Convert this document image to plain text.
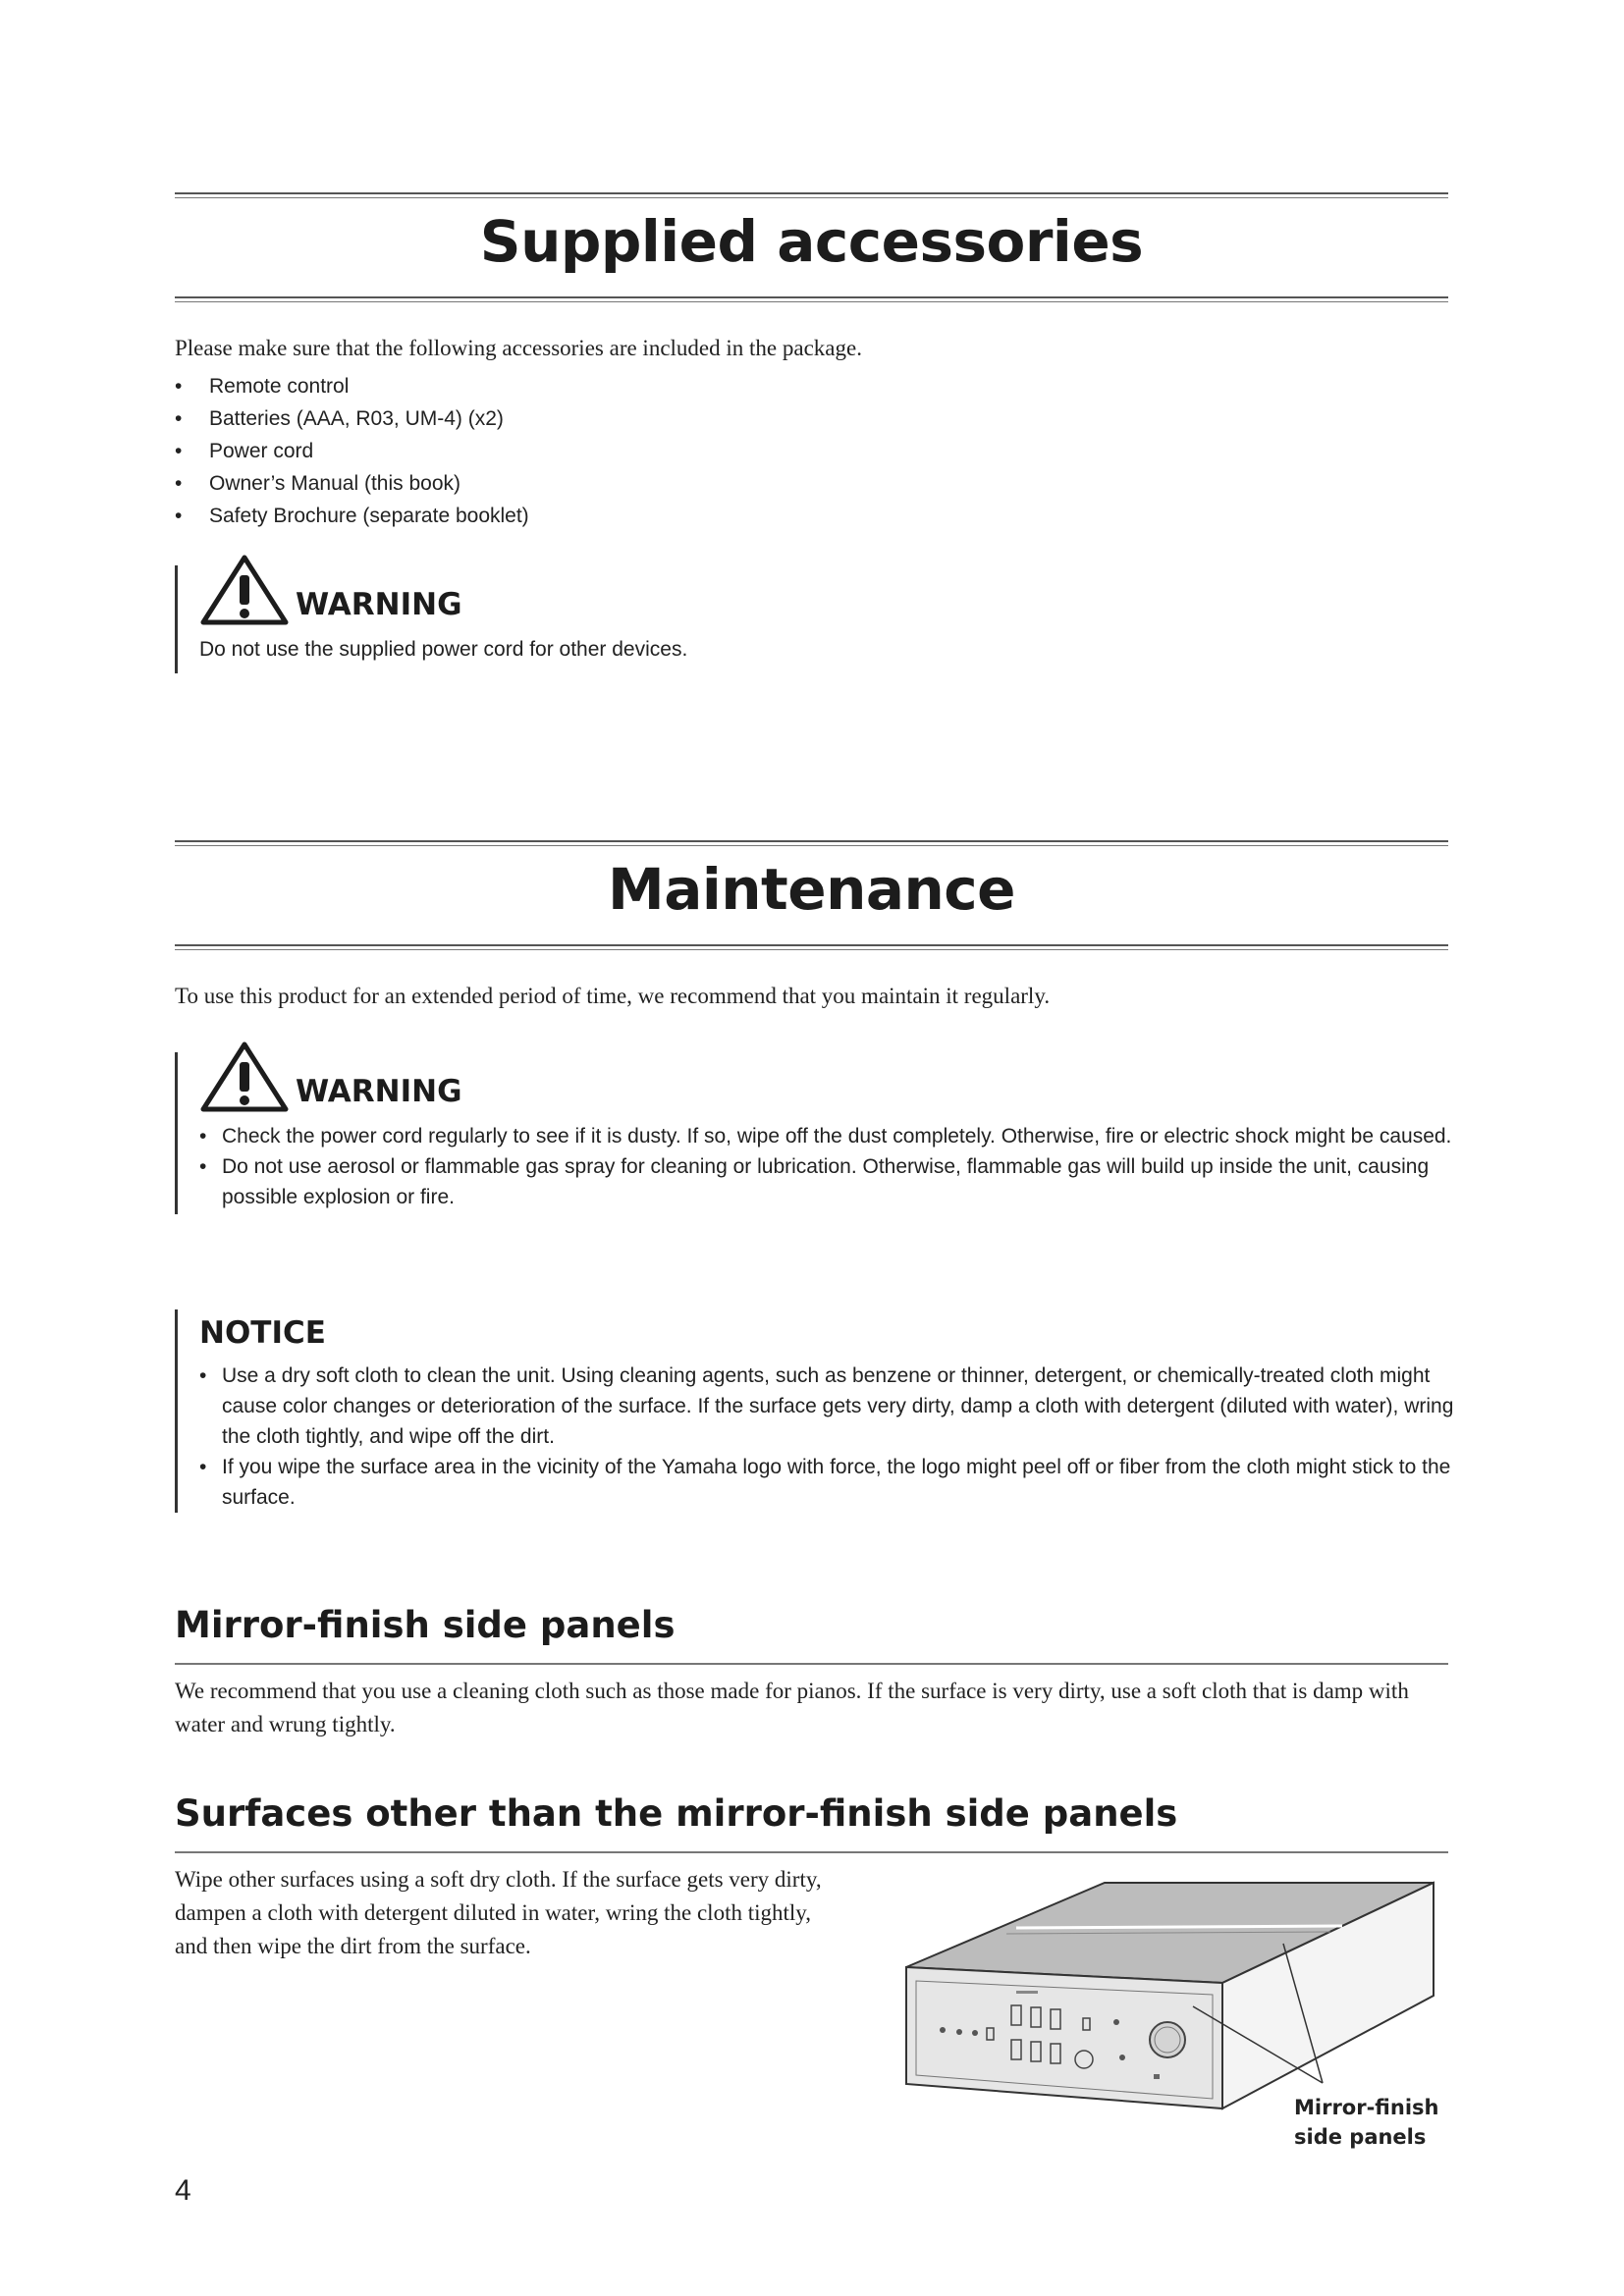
Supplied accessories
Please make sure that the following accessories are included in the package.
• Remote control
• Batteries (AAA, R03, UM-4) (x2)
• Power cord
• Owner’s Manual (this book)
• Safety Brochure (separate booklet)
WARNING
Do not use the supplied power cord for other devices.
Maintenance
To use this product for an extended period of time, we recommend that you maintain it regularly.
WARNING
• Check the power cord regularly to see if it is dusty. If so, wipe off the dust completely. Otherwise, fire or electric shock might be caused.
• Do not use aerosol or flammable gas spray for cleaning or lubrication. Otherwise, flammable gas will build up inside the unit, causing possible explosion or fire.
NOTICE
• Use a dry soft cloth to clean the unit. Using cleaning agents, such as benzene or thinner, detergent, or chemically-treated cloth might cause color changes or deterioration of the surface. If the surface gets very dirty, damp a cloth with detergent (diluted with water), wring the cloth tightly, and wipe off the dirt.
• If you wipe the surface area in the vicinity of the Yamaha logo with force, the logo might peel off or fiber from the cloth might stick to the surface.
Mirror-finish side panels
We recommend that you use a cleaning cloth such as those made for pianos. If the surface is very dirty, use a soft cloth that is damp with water and wrung tightly.
Surfaces other than the mirror-finish side panels
Wipe other surfaces using a soft dry cloth. If the surface gets very dirty, dampen a cloth with detergent diluted in water, wring the cloth tightly, and then wipe the dirt from the surface.
Mirror-finish
side panels
4
